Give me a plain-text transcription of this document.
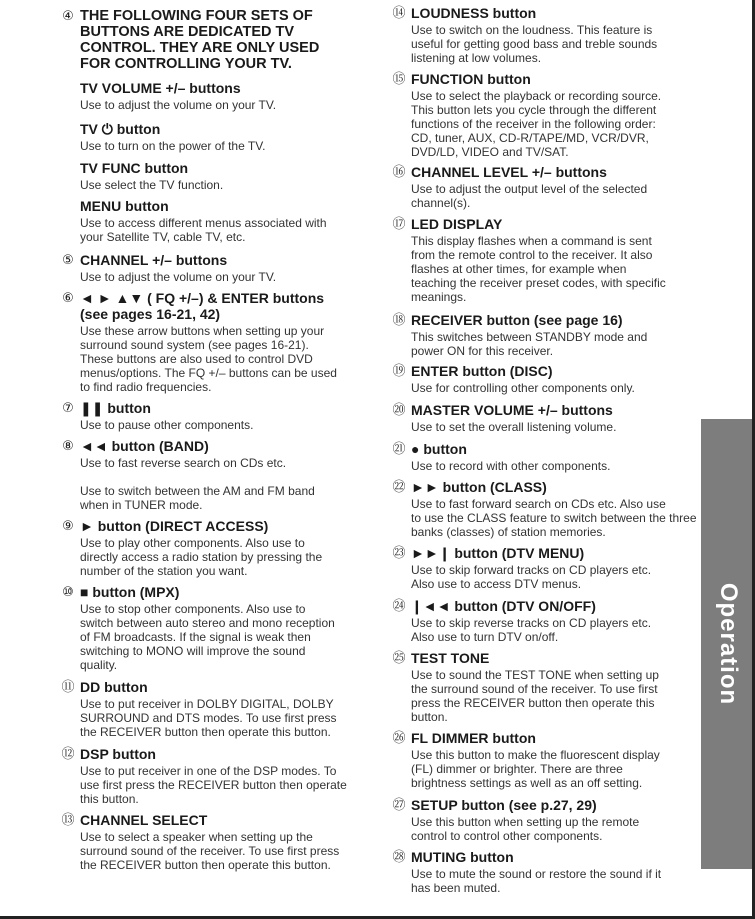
④ THE FOLLOWING FOUR SETS OF
BUTTONS ARE DEDICATED TV
CONTROL. THEY ARE ONLY USED
FOR CONTROLLING YOUR TV.
TV VOLUME +/– buttons
Use to adjust the volume on your TV.
TV ⏻ button
Use to turn on the power of the TV.
TV FUNC button
Use select the TV function.
MENU button
Use to access different menus associated with
your Satellite TV, cable TV, etc.
⑤ CHANNEL +/– buttons
Use to adjust the volume on your TV.
⑥ ◄ ► ▲▼ ( FQ +/–) & ENTER buttons
(see pages 16-21, 42)
Use these arrow buttons when setting up your
surround sound system (see pages 16-21).
These buttons are also used to control DVD
menus/options. The FQ +/– buttons can be used
to find radio frequencies.
⑦ ❚❚ button
Use to pause other components.
⑧ ◄◄ button (BAND)
Use to fast reverse search on CDs etc.
Use to switch between the AM and FM band
when in TUNER mode.
⑨ ► button (DIRECT ACCESS)
Use to play other components. Also use to
directly access a radio station by pressing the
number of the station you want.
⑩ ■ button (MPX)
Use to stop other components. Also use to
switch between auto stereo and mono reception
of FM broadcasts. If the signal is weak then
switching to MONO will improve the sound
quality.
⑪ DD button
Use to put receiver in DOLBY DIGITAL, DOLBY
SURROUND and DTS modes. To use first press
the RECEIVER button then operate this button.
⑫ DSP button
Use to put receiver in one of the DSP modes. To
use first press the RECEIVER button then operate
this button.
⑬ CHANNEL SELECT
Use to select a speaker when setting up the
surround sound of the receiver. To use first press
the RECEIVER button then operate this button.
⑭ LOUDNESS button
Use to switch on the loudness. This feature is
useful for getting good bass and treble sounds
listening at low volumes.
⑮ FUNCTION button
Use to select the playback or recording source.
This button lets you cycle through the different
functions of the receiver in the following order:
CD, tuner, AUX, CD-R/TAPE/MD, VCR/DVR,
DVD/LD, VIDEO and TV/SAT.
⑯ CHANNEL LEVEL +/– buttons
Use to adjust the output level of the selected
channel(s).
⑰ LED DISPLAY
This display flashes when a command is sent
from the remote control to the receiver. It also
flashes at other times, for example when
teaching the receiver preset codes, with specific
meanings.
⑱ RECEIVER button (see page 16)
This switches between STANDBY mode and
power ON for this receiver.
⑲ ENTER button (DISC)
Use for controlling other components only.
⑳ MASTER VOLUME +/– buttons
Use to set the overall listening volume.
㉑ ● button
Use to record with other components.
㉒ ►► button (CLASS)
Use to fast forward search on CDs etc. Also use
to use the CLASS feature to switch between the three
banks (classes) of station memories.
㉓ ►►❙ button (DTV MENU)
Use to skip forward tracks on CD players etc.
Also use to access DTV menus.
㉔ ❙◄◄ button (DTV ON/OFF)
Use to skip reverse tracks on CD players etc.
Also use to turn DTV on/off.
㉕ TEST TONE
Use to sound the TEST TONE when setting up
the surround sound of the receiver. To use first
press the RECEIVER button then operate this
button.
㉖ FL DIMMER button
Use this button to make the fluorescent display
(FL) dimmer or brighter. There are three
brightness settings as well as an off setting.
㉗ SETUP button (see p.27, 29)
Use this button when setting up the remote
control to control other components.
㉘ MUTING button
Use to mute the sound or restore the sound if it
has been muted.
Operation
